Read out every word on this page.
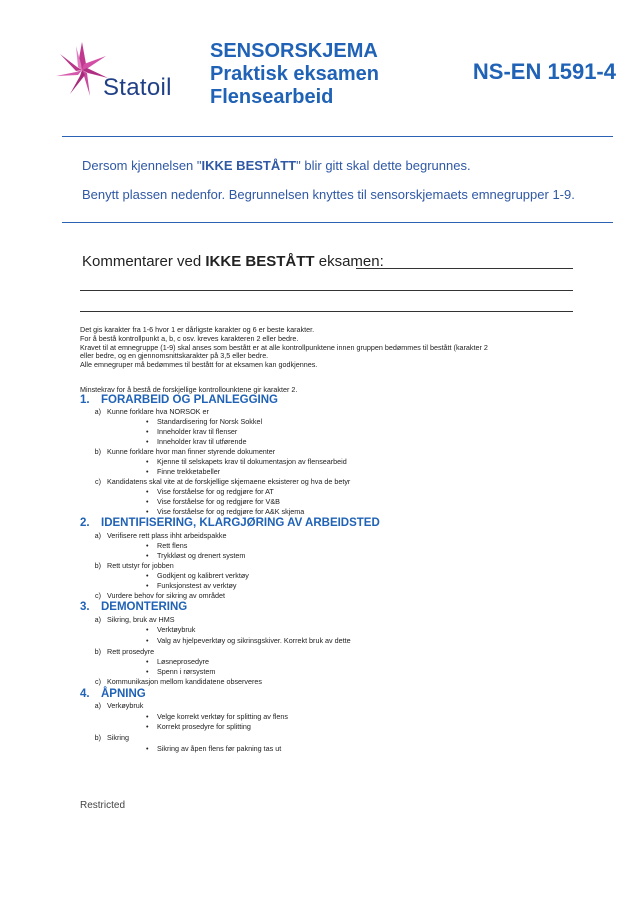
Statoil
SENSORSKJEMA
Praktisk eksamen
Flensearbeid
NS-EN 1591-4
Dersom kjennelsen "IKKE BESTÅTT" blir gitt skal dette begrunnes.
Benytt plassen nedenfor. Begrunnelsen knyttes til sensorskjemaets emnegrupper 1-9.
Kommentarer ved IKKE BESTÅTT eksamen:

Det gis karakter fra 1-6 hvor 1 er dårligste karakter og 6 er beste karakter.

For å bestå kontrollpunkt a, b, c osv. kreves karakteren 2 eller bedre.

Kravet til at emnegruppe (1-9) skal anses som bestått er at alle kontrollpunktene innen gruppen bedømmes til bestått (karakter 2

eller bedre, og en gjennomsnittskarakter på 3,5 eller bedre.

Alle emnegruper må bedømmes til bestått for at eksamen kan godkjennes.

Minstekrav for å bestå de forskjellige kontrollounktene gir karakter 2.
1. FORARBEID OG PLANLEGGING
a) Kunne forklare hva NORSOK er
• Standardisering for Norsk Sokkel
• Inneholder krav til flenser
• Inneholder krav til utførende
b) Kunne forklare hvor man finner styrende dokumenter
• Kjenne til selskapets krav til dokumentasjon av flensearbeid
• Finne trekketabeller
c) Kandidatens skal vite at de forskjellige skjemaene eksisterer og hva de betyr
• Vise forståelse for og redgjøre for AT
• Vise forståelse for og redgjøre for V&B
• Vise forståelse for og redgjøre for A&K skjema
2. IDENTIFISERING, KLARGJØRING AV ARBEIDSTED
a) Verifisere rett plass ihht arbeidspakke
• Rett flens
• Trykkløst og drenert system
b) Rett utstyr for jobben
• Godkjent og kalibrert verktøy
• Funksjonstest av verktøy
c) Vurdere behov for sikring av området
3. DEMONTERING
a) Sikring, bruk av HMS
• Verktøybruk
• Valg av hjelpeverktøy og sikrinsgskiver. Korrekt bruk av dette
b) Rett prosedyre
• Løsneprosedyre
• Spenn i rørsystem
c) Kommunikasjon mellom kandidatene observeres
4. ÅPNING
a) Verkøybruk
• Velge korrekt verktøy for splitting av flens
• Korrekt prosedyre for splitting
b) Sikring
• Sikring av åpen flens før pakning tas ut
Restricted
